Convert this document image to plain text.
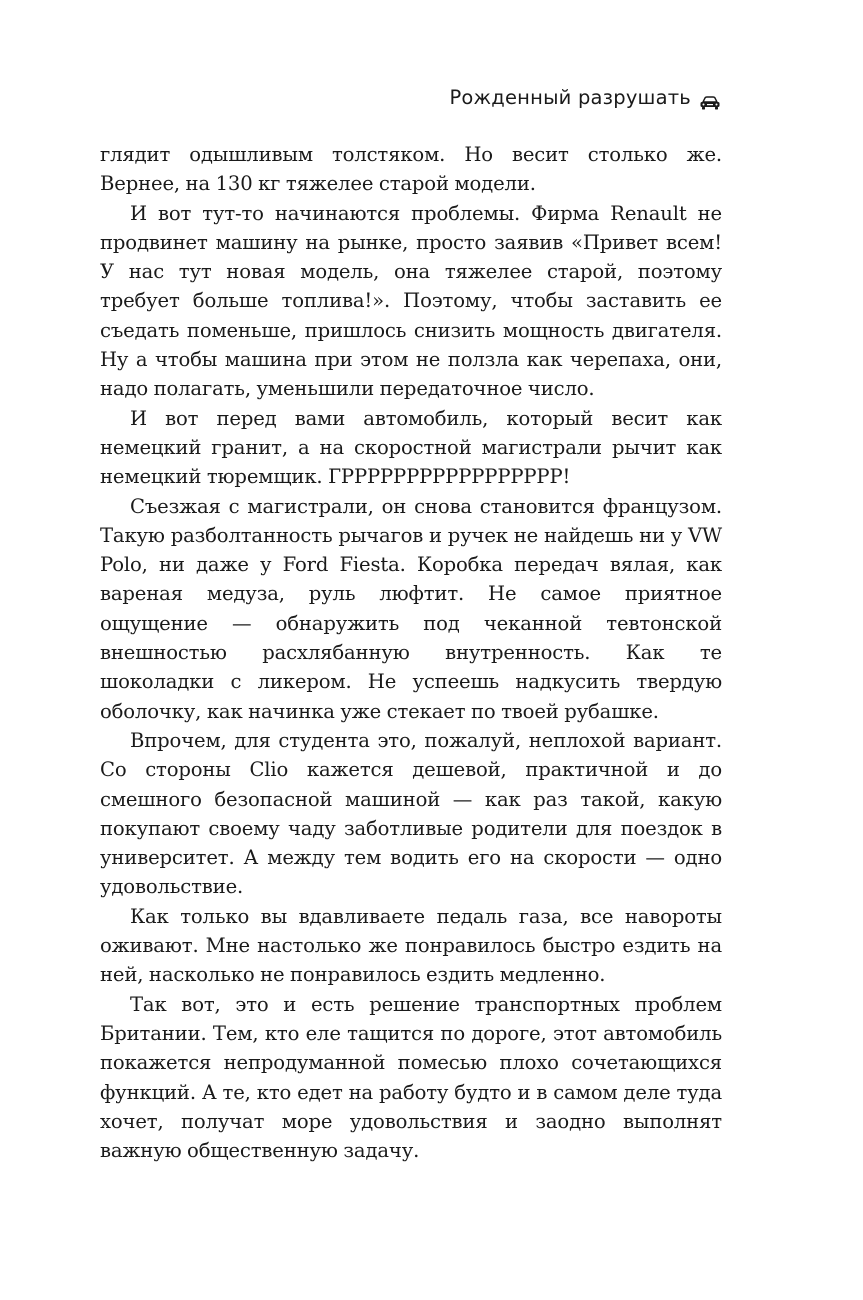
Рожденный разрушать

глядит одышливым толстяком. Но весит столько же. Вернее, на 130 кг тяжелее старой модели.

И вот тут-то начинаются проблемы. Фирма Renault не продвинет машину на рынке, просто заявив «Привет всем! У нас тут новая модель, она тяжелее старой, поэтому требует больше топлива!». Поэтому, чтобы заставить ее съедать поменьше, пришлось снизить мощность двигателя. Ну а чтобы машина при этом не ползла как черепаха, они, надо полагать, уменьшили передаточное число.

И вот перед вами автомобиль, который весит как немецкий гранит, а на скоростной магистрали рычит как немецкий тюремщик. ГРРРРРРРРРРРРРРРРР!

Съезжая с магистрали, он снова становится французом. Такую разболтанность рычагов и ручек не найдешь ни у VW Polo, ни даже у Ford Fiesta. Коробка передач вялая, как вареная медуза, руль люфтит. Не самое приятное ощущение — обнаружить под чеканной тевтонской внешностью расхлябанную внутренность. Как те шоколадки с ликером. Не успеешь надкусить твердую оболочку, как начинка уже стекает по твоей рубашке.

Впрочем, для студента это, пожалуй, неплохой вариант. Со стороны Clio кажется дешевой, практичной и до смешного безопасной машиной — как раз такой, какую покупают своему чаду заботливые родители для поездок в университет. А между тем водить его на скорости — одно удовольствие.

Как только вы вдавливаете педаль газа, все навороты оживают. Мне настолько же понравилось быстро ездить на ней, насколько не понравилось ездить медленно.

Так вот, это и есть решение транспортных проблем Британии. Тем, кто еле тащится по дороге, этот автомобиль покажется непродуманной помесью плохо сочетающихся функций. А те, кто едет на работу будто и в самом деле туда хочет, получат море удовольствия и заодно выполнят важную общественную задачу.
